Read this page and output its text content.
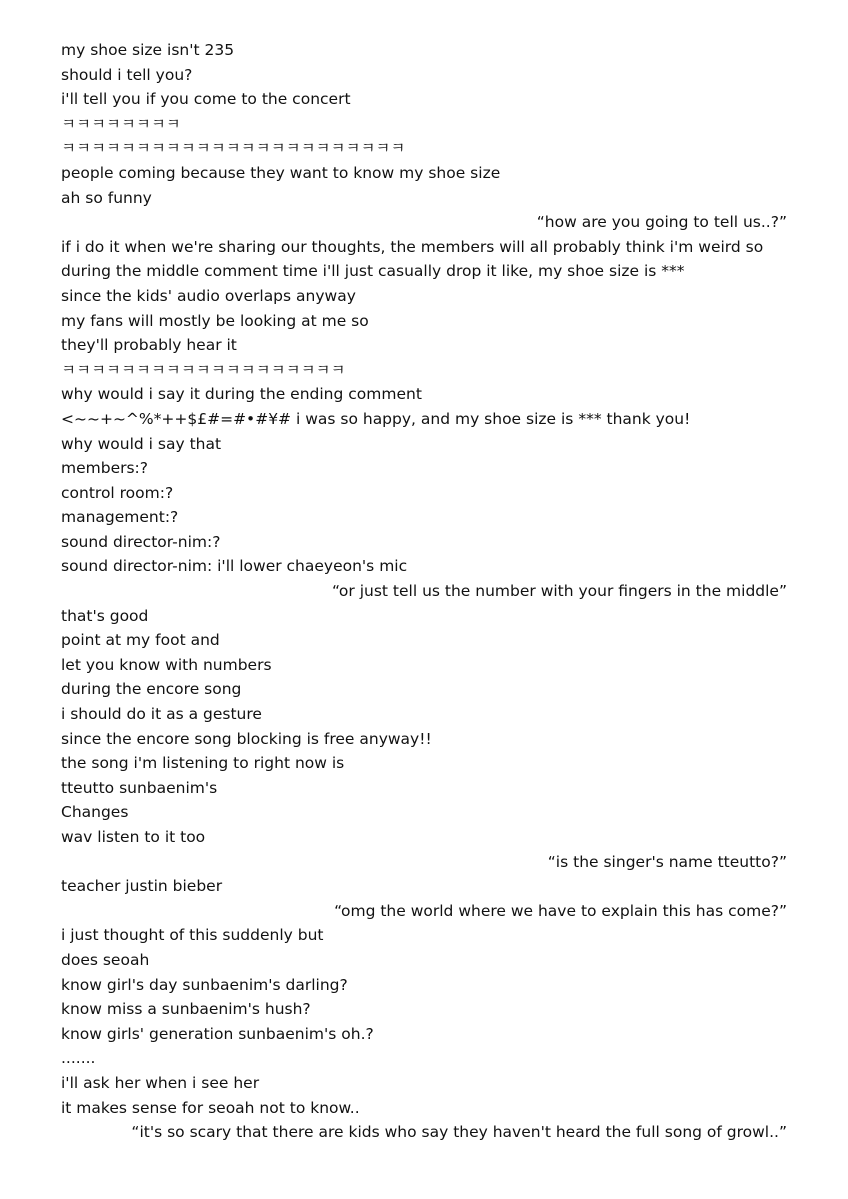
my shoe size isn't 235
should i tell you?
i'll tell you if you come to the concert
ㅋㅋㅋㅋㅋㅋㅋㅋ
ㅋㅋㅋㅋㅋㅋㅋㅋㅋㅋㅋㅋㅋㅋㅋㅋㅋㅋㅋㅋㅋㅋㅋ
people coming because they want to know my shoe size
ah so funny
“how are you going to tell us..?”
if i do it when we're sharing our thoughts, the members will all probably think i'm weird so
during the middle comment time i'll just casually drop it like, my shoe size is ***
since the kids' audio overlaps anyway
my fans will mostly be looking at me so
they'll probably hear it
ㅋㅋㅋㅋㅋㅋㅋㅋㅋㅋㅋㅋㅋㅋㅋㅋㅋㅋㅋ
why would i say it during the ending comment
<~~+~^%*++$£#=#•#¥# i was so happy, and my shoe size is *** thank you!
why would i say that
members:?
control room:?
management:?
sound director-nim:?
sound director-nim: i'll lower chaeyeon's mic
“or just tell us the number with your fingers in the middle”
that's good
point at my foot and
let you know with numbers
during the encore song
i should do it as a gesture
since the encore song blocking is free anyway!!
the song i'm listening to right now is
tteutto sunbaenim's
Changes
wav listen to it too
“is the singer's name tteutto?”
teacher justin bieber
“omg the world where we have to explain this has come?”
i just thought of this suddenly but
does seoah
know girl's day sunbaenim's darling?
know miss a sunbaenim's hush?
know girls' generation sunbaenim's oh.?
.......
i'll ask her when i see her
it makes sense for seoah not to know..
“it's so scary that there are kids who say they haven't heard the full song of growl..”
